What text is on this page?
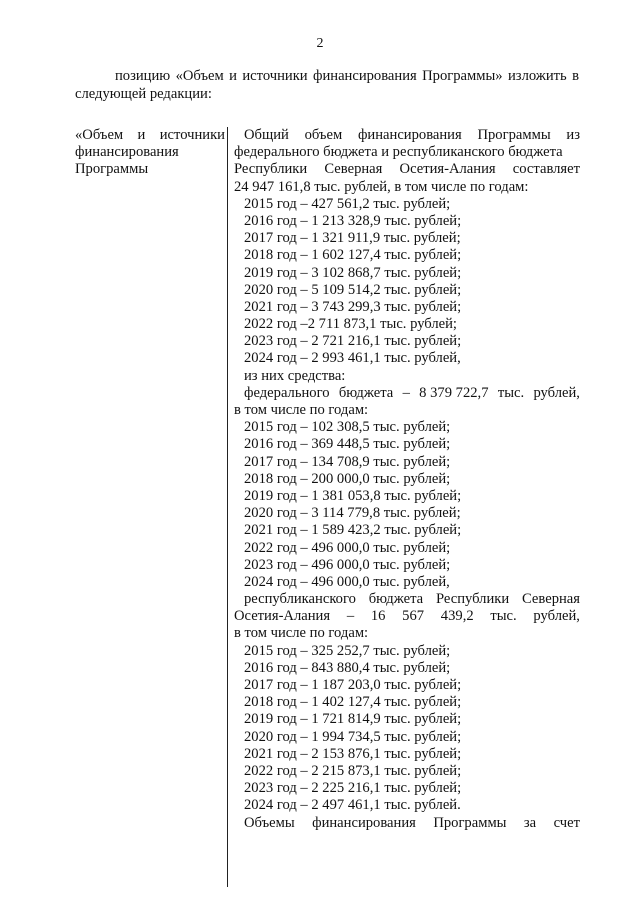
2
позицию «Объем и источники финансирования Программы» изложить в следующей редакции:
«Объем и источники
финансирования
Программы
Общий объем финансирования Программы из
федерального бюджета и республиканского бюджета
Республики Северная Осетия-Алания составляет
24 947 161,8 тыс. рублей, в том числе по годам:
2015 год – 427 561,2 тыс. рублей;
2016 год – 1 213 328,9 тыс. рублей;
2017 год – 1 321 911,9 тыс. рублей;
2018 год – 1 602 127,4 тыс. рублей;
2019 год – 3 102 868,7 тыс. рублей;
2020 год – 5 109 514,2 тыс. рублей;
2021 год – 3 743 299,3 тыс. рублей;
2022 год –2 711 873,1 тыс. рублей;
2023 год – 2 721 216,1 тыс. рублей;
2024 год – 2 993 461,1 тыс. рублей,
из них средства:
федерального бюджета – 8 379 722,7 тыс. рублей,
в том числе по годам:
2015 год – 102 308,5 тыс. рублей;
2016 год – 369 448,5 тыс. рублей;
2017 год – 134 708,9 тыс. рублей;
2018 год – 200 000,0 тыс. рублей;
2019 год – 1 381 053,8 тыс. рублей;
2020 год – 3 114 779,8 тыс. рублей;
2021 год – 1 589 423,2 тыс. рублей;
2022 год – 496 000,0 тыс. рублей;
2023 год – 496 000,0 тыс. рублей;
2024 год – 496 000,0 тыс. рублей,
республиканского бюджета Республики Северная
Осетия-Алания – 16 567 439,2 тыс. рублей,
в том числе по годам:
2015 год – 325 252,7 тыс. рублей;
2016 год – 843 880,4 тыс. рублей;
2017 год – 1 187 203,0 тыс. рублей;
2018 год – 1 402 127,4 тыс. рублей;
2019 год – 1 721 814,9 тыс. рублей;
2020 год – 1 994 734,5 тыс. рублей;
2021 год – 2 153 876,1 тыс. рублей;
2022 год – 2 215 873,1 тыс. рублей;
2023 год – 2 225 216,1 тыс. рублей;
2024 год – 2 497 461,1 тыс. рублей.
Объемы финансирования Программы за счет
